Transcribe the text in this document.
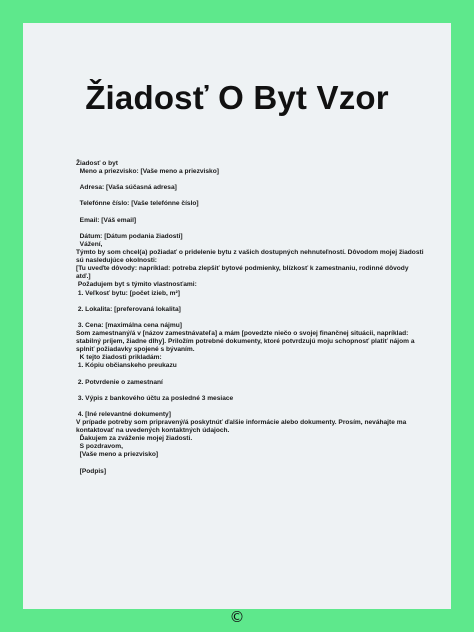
Žiadosť O Byt Vzor
Žiadosť o byt
Meno a priezvisko: [Vaše meno a priezvisko]
Adresa: [Vaša súčasná adresa]
Telefónne číslo: [Vaše telefónne číslo]
Email: [Váš email]
Dátum: [Dátum podania žiadosti]
Vážení,
Týmto by som chcel(a) požiadať o pridelenie bytu z vašich dostupných nehnuteľností. Dôvodom mojej žiadosti sú nasledujúce okolnosti:
[Tu uveďte dôvody: napríklad: potreba zlepšiť bytové podmienky, blízkosť k zamestnaniu, rodinné dôvody atď.]
Požadujem byt s týmito vlastnosťami:
1. Veľkosť bytu: [počet izieb, m²]
2. Lokalita: [preferovaná lokalita]
3. Cena: [maximálna cena nájmu]
Som zamestnaný/á v [názov zamestnávateľa] a mám [povedzte niečo o svojej finančnej situácii, napríklad: stabilný príjem, žiadne dlhy]. Priložím potrebné dokumenty, ktoré potvrdzujú moju schopnosť platiť nájom a splniť požiadavky spojené s bývaním.
K tejto žiadosti prikladám:
1. Kópiu občianskeho preukazu
2. Potvrdenie o zamestnaní
3. Výpis z bankového účtu za posledné 3 mesiace
4. [Iné relevantné dokumenty]
V prípade potreby som pripravený/á poskytnúť ďalšie informácie alebo dokumenty. Prosím, neváhajte ma kontaktovať na uvedených kontaktných údajoch.
Ďakujem za zváženie mojej žiadosti.
S pozdravom,
[Vaše meno a priezvisko]
[Podpis]
©
